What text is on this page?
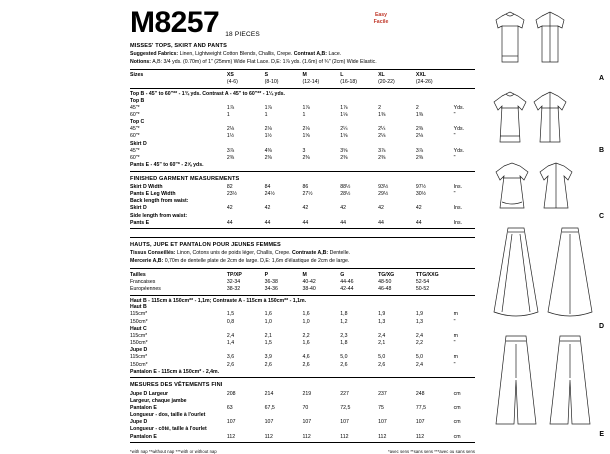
M8257 18 PIECES
MISSES' TOPS, SKIRT AND PANTS
Suggested Fabrics: Linen, Lightweight Cotton Blends, Challis, Crepe. Contrast A,B: Lace.
Notions: A,B: 3/4 yds. (0.70m) of 1" (25mm) Wide Flat Lace. D,E: 1⅞ yds. (1.6m) of ¾" (2cm) Wide Elastic.
Sizes	XS	S	M	L	XL	XXL	
	(4-6)	(8-10)	(12-14)	(16-18)	(20-22)	(24-26)	
Top B - 45" to 60"** - 1¾ yds. Contrast A - 45" to 60"** - 1¼ yds.
Top B							
45"*	1⅞	1⅞	1⅞	1⅞	2	2	Yds.
60"*	1	1	1	1⅛	1⅜	1⅜	"
Top C							
45"*	2⅛	2⅛	2⅛	2¼	2¼	2⅜	Yds.
60"*	1½	1½	1⅝	1⅝	2⅛	2⅛	"
Skirt D							
45"*	3⅞	4⅜	3	3⅝	3⅞	3⅞	Yds.
60"*	2⅜	2⅜	2⅜	2⅜	2⅜	2⅜	"
Pants E - 45" to 60"* - 2⅝ yds.							
FINISHED GARMENT MEASUREMENTS
Skirt D Width	82	84	86	88½	93½	97½	Ins.
Pants E Leg Width	23½	24½	27½	28½	29½	30½	"
Back length from waist:							
Skirt D	42	42	42	42	42	42	Ins.
Side length from waist:							
Pants E	44	44	44	44	44	44	Ins.
HAUTS, JUPE ET PANTALON POUR JEUNES FEMMES
Tissus Conseillés: Linon, Cotons unis de poids léger, Challis, Crepe. Contraste A,B: Dentelle.
Mercerie A,B: 0,70m de dentelle plate de 2cm de large. D,E: 1,6m d'élastique de 2cm de large.
Tailles	TP/XP	P	M	G	TG/XG	TTG/XXG	
Francaises	32-34	36-38	40-42	44-46	48-50	52-54	
Européennes	38-32	34-36	38-40	42-44	46-48	50-52	
Haut B - 115cm à 150cm** - 1,1m; Contraste A - 115cm à 150cm** - 1,1m.
Haut B							
115cm*	1,5	1,6	1,6	1,8	1,9	1,9	m
150cm*	0,8	1,0	1,0	1,2	1,3	1,3	"
Haut C							
115cm*	2,4	2,1	2,2	2,3	2,4	2,4	m
150cm*	1,4	1,5	1,6	1,8	2,1	2,2	"
Jupe D							
115cm*	3,6	3,9	4,6	5,0	5,0	5,0	m
150cm*	2,6	2,6	2,6	2,6	2,6	2,4	"
Pantalon E - 115cm à 150cm* - 2,4m.							
MESURES DES VÊTEMENTS FINI
Jupe D Largeur	208	214	219	227	237	248	cm
Largeur, chaque jambe							
Pantalon E	63	67,5	70	72,5	75	77,5	cm
Longueur - dos, taille à l'ourlet							
Jupe D	107	107	107	107	107	107	cm
Longueur - côté, taille à l'ourlet							
Pantalon E	112	112	112	112	112	112	cm
*with nap **without nap ***with or without nap	*avec sens **sans sens ***avec ou sans sens
Easy
Facile
A
B
C
D
E
